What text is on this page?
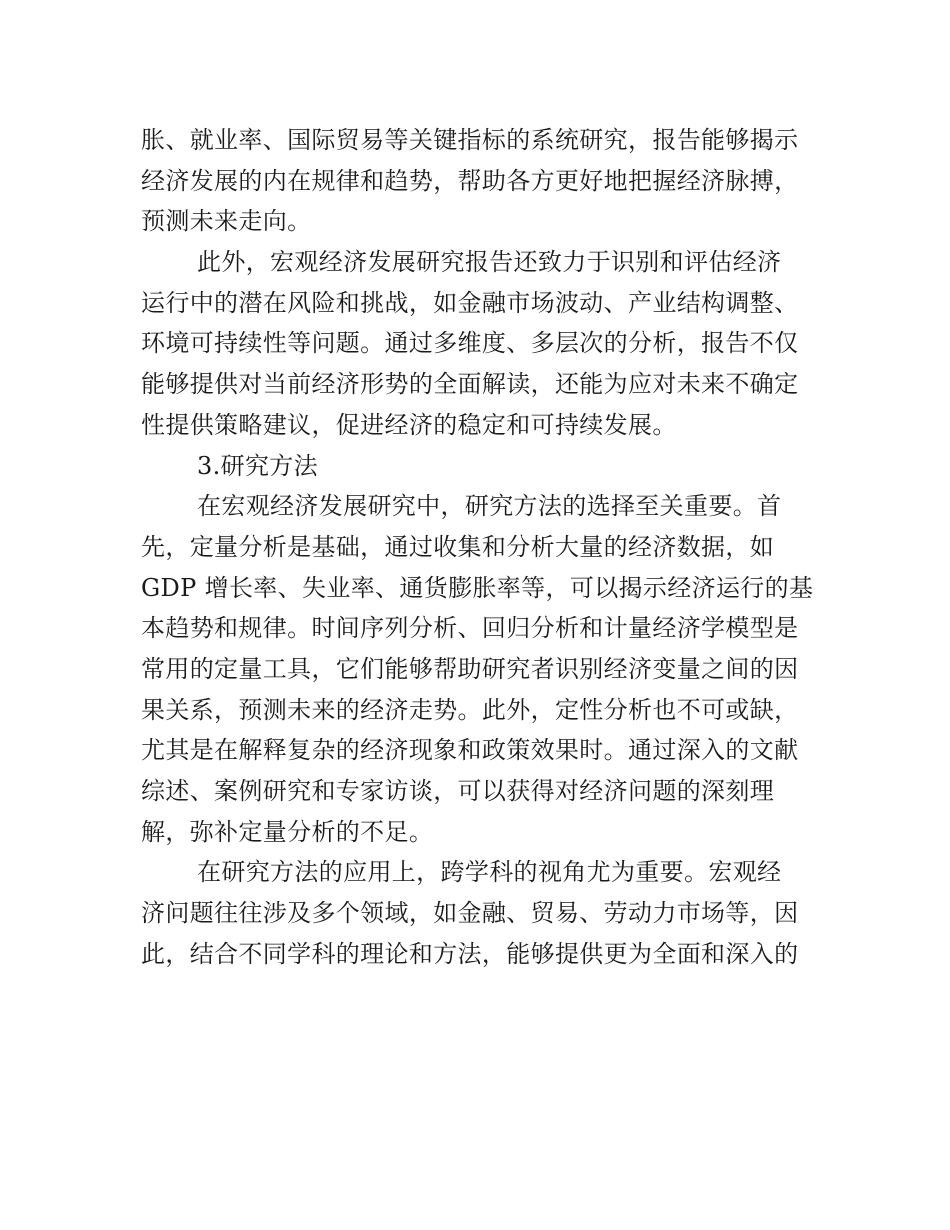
胀、就业率、国际贸易等关键指标的系统研究，报告能够揭示
经济发展的内在规律和趋势，帮助各方更好地把握经济脉搏，
预测未来走向。
此外，宏观经济发展研究报告还致力于识别和评估经济
运行中的潜在风险和挑战，如金融市场波动、产业结构调整、
环境可持续性等问题。通过多维度、多层次的分析，报告不仅
能够提供对当前经济形势的全面解读，还能为应对未来不确定
性提供策略建议，促进经济的稳定和可持续发展。
3.研究方法
在宏观经济发展研究中，研究方法的选择至关重要。首
先，定量分析是基础，通过收集和分析大量的经济数据，如
GDP 增长率、失业率、通货膨胀率等，可以揭示经济运行的基
本趋势和规律。时间序列分析、回归分析和计量经济学模型是
常用的定量工具，它们能够帮助研究者识别经济变量之间的因
果关系，预测未来的经济走势。此外，定性分析也不可或缺，
尤其是在解释复杂的经济现象和政策效果时。通过深入的文献
综述、案例研究和专家访谈，可以获得对经济问题的深刻理
解，弥补定量分析的不足。
在研究方法的应用上，跨学科的视角尤为重要。宏观经
济问题往往涉及多个领域，如金融、贸易、劳动力市场等，因
此，结合不同学科的理论和方法，能够提供更为全面和深入的
